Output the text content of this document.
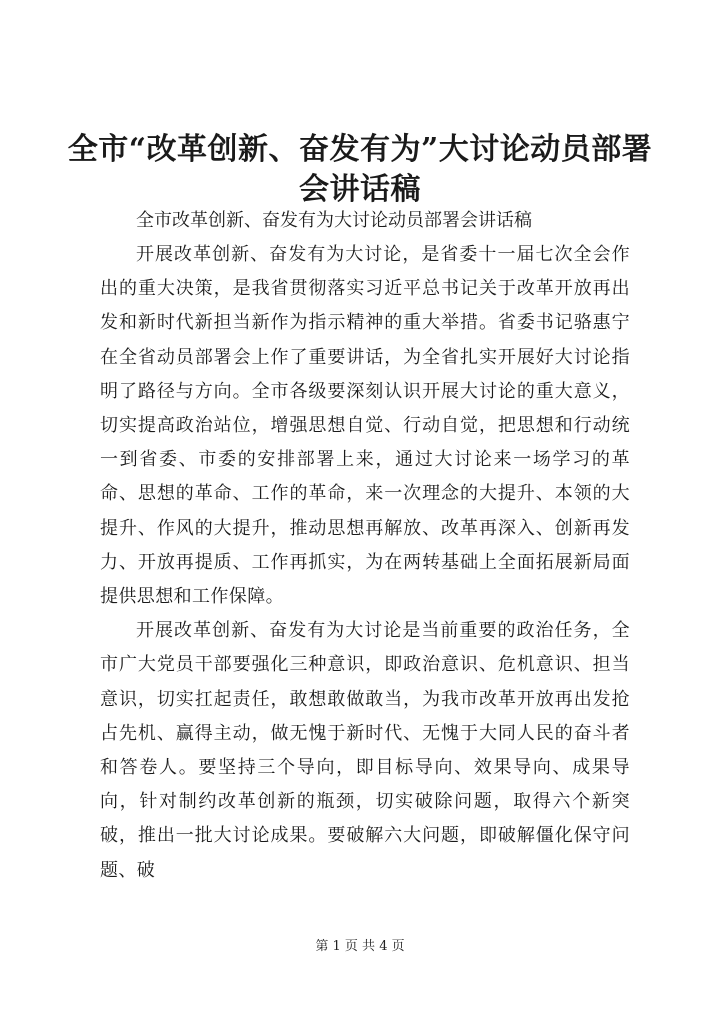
全市“改革创新、奋发有为”大讨论动员部署会讲话稿

全市改革创新、奋发有为大讨论动员部署会讲话稿

开展改革创新、奋发有为大讨论，是省委十一届七次全会作出的重大决策，是我省贯彻落实习近平总书记关于改革开放再出发和新时代新担当新作为指示精神的重大举措。省委书记骆惠宁在全省动员部署会上作了重要讲话，为全省扎实开展好大讨论指明了路径与方向。全市各级要深刻认识开展大讨论的重大意义，切实提高政治站位，增强思想自觉、行动自觉，把思想和行动统一到省委、市委的安排部署上来，通过大讨论来一场学习的革命、思想的革命、工作的革命，来一次理念的大提升、本领的大提升、作风的大提升，推动思想再解放、改革再深入、创新再发力、开放再提质、工作再抓实，为在两转基础上全面拓展新局面提供思想和工作保障。

开展改革创新、奋发有为大讨论是当前重要的政治任务，全市广大党员干部要强化三种意识，即政治意识、危机意识、担当意识，切实扛起责任，敢想敢做敢当，为我市改革开放再出发抢占先机、赢得主动，做无愧于新时代、无愧于大同人民的奋斗者和答卷人。要坚持三个导向，即目标导向、效果导向、成果导向，针对制约改革创新的瓶颈，切实破除问题，取得六个新突破，推出一批大讨论成果。要破解六大问题，即破解僵化保守问题、破

第 1 页 共 4 页
